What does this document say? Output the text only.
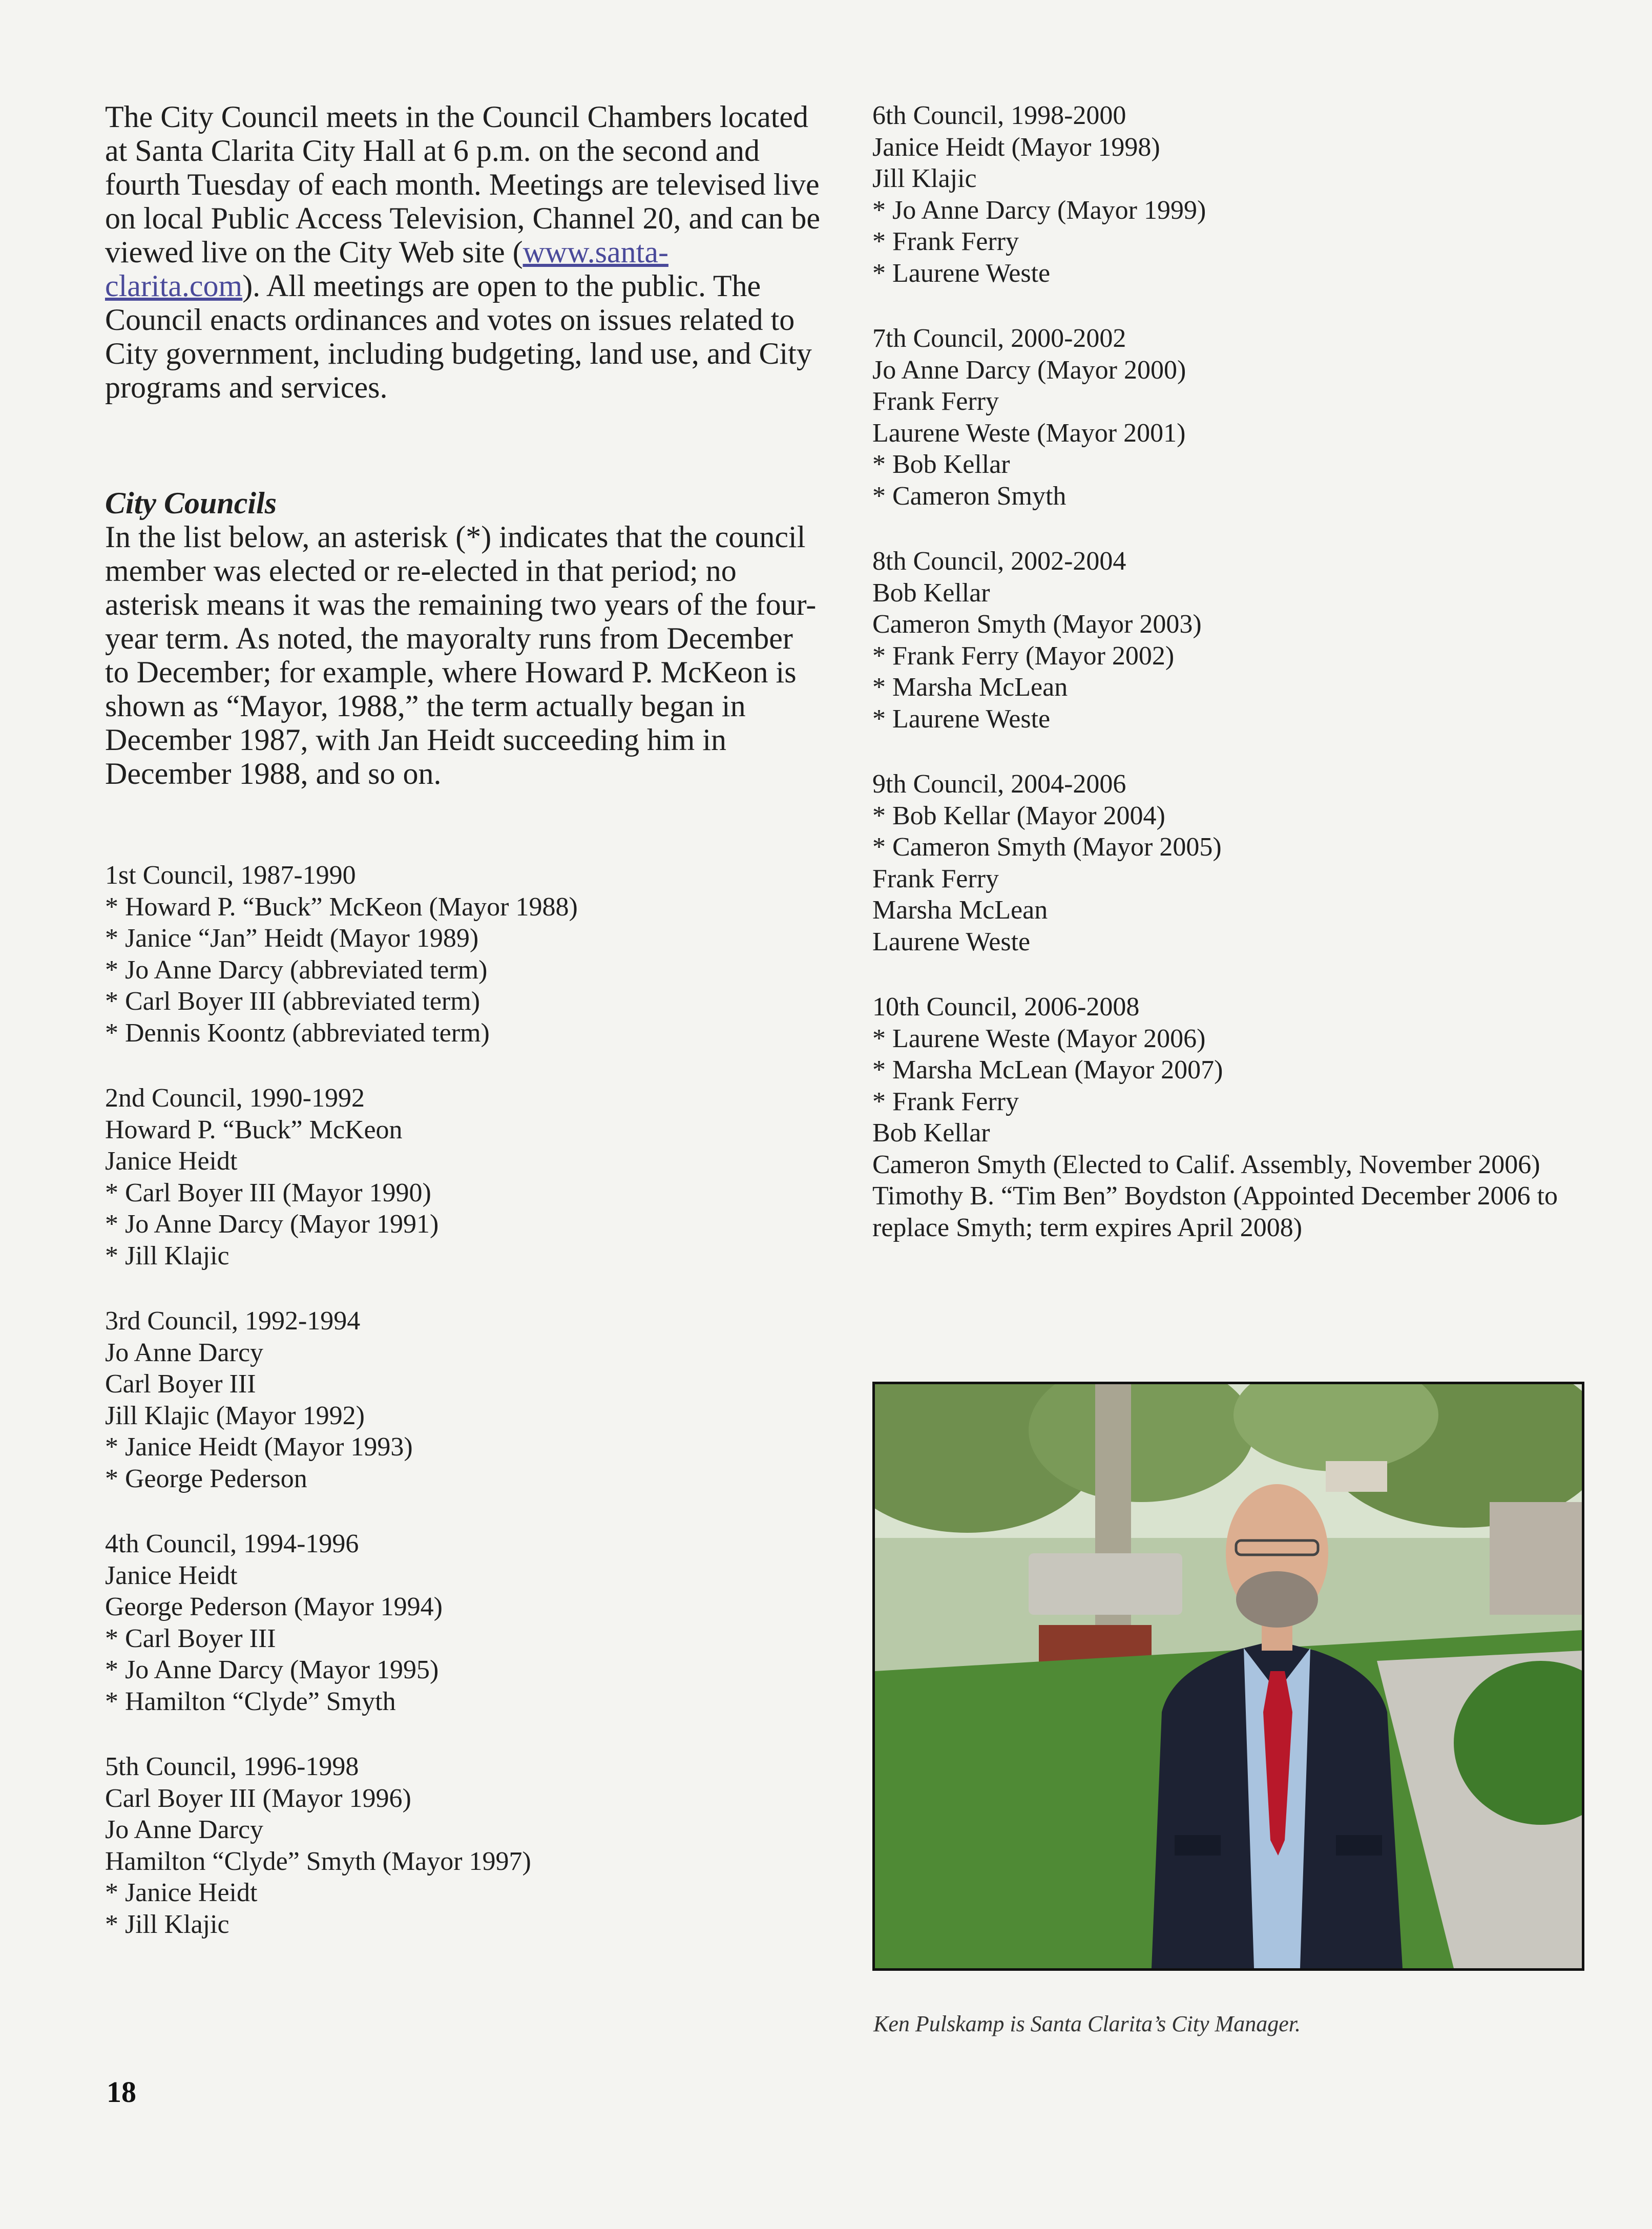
The City Council meets in the Council Chambers located at Santa Clarita City Hall at 6 p.m. on the second and fourth Tuesday of each month. Meetings are televised live on local Public Access Television, Channel 20, and can be viewed live on the City Web site (www.santa-clarita.com). All meetings are open to the public. The Council enacts ordinances and votes on issues related to City government, including budgeting, land use, and City programs and services.

City Councils

In the list below, an asterisk (*) indicates that the council member was elected or re-elected in that period; no asterisk means it was the remaining two years of the four-year term. As noted, the mayoralty runs from December to December; for example, where Howard P. McKeon is shown as “Mayor, 1988,” the term actually began in December 1987, with Jan Heidt succeeding him in December 1988, and so on.

1st Council, 1987-1990
* Howard P. “Buck” McKeon (Mayor 1988)
* Janice “Jan” Heidt (Mayor 1989)
* Jo Anne Darcy (abbreviated term)
* Carl Boyer III (abbreviated term)
* Dennis Koontz (abbreviated term)
2nd Council, 1990-1992
Howard P. “Buck” McKeon
Janice Heidt
* Carl Boyer III (Mayor 1990)
* Jo Anne Darcy (Mayor 1991)
* Jill Klajic
3rd Council, 1992-1994
Jo Anne Darcy
Carl Boyer III
Jill Klajic (Mayor 1992)
* Janice Heidt (Mayor 1993)
* George Pederson
4th Council, 1994-1996
Janice Heidt
George Pederson (Mayor 1994)
* Carl Boyer III
* Jo Anne Darcy (Mayor 1995)
* Hamilton “Clyde” Smyth
5th Council, 1996-1998
Carl Boyer III (Mayor 1996)
Jo Anne Darcy
Hamilton “Clyde” Smyth (Mayor 1997)
* Janice Heidt
* Jill Klajic
6th Council, 1998-2000
Janice Heidt (Mayor 1998)
Jill Klajic
* Jo Anne Darcy (Mayor 1999)
* Frank Ferry
* Laurene Weste
7th Council, 2000-2002
Jo Anne Darcy (Mayor 2000)
Frank Ferry
Laurene Weste (Mayor 2001)
* Bob Kellar
* Cameron Smyth
8th Council, 2002-2004
Bob Kellar
Cameron Smyth (Mayor 2003)
* Frank Ferry (Mayor 2002)
* Marsha McLean
* Laurene Weste
9th Council, 2004-2006
* Bob Kellar (Mayor 2004)
* Cameron Smyth (Mayor 2005)
Frank Ferry
Marsha McLean
Laurene Weste
10th Council, 2006-2008
* Laurene Weste (Mayor 2006)
* Marsha McLean (Mayor 2007)
* Frank Ferry
Bob Kellar
Cameron Smyth (Elected to Calif. Assembly, November 2006)
Timothy B. “Tim Ben” Boydston (Appointed December 2006 to replace Smyth; term expires April 2008)
Ken Pulskamp is Santa Clarita’s City Manager.
18
